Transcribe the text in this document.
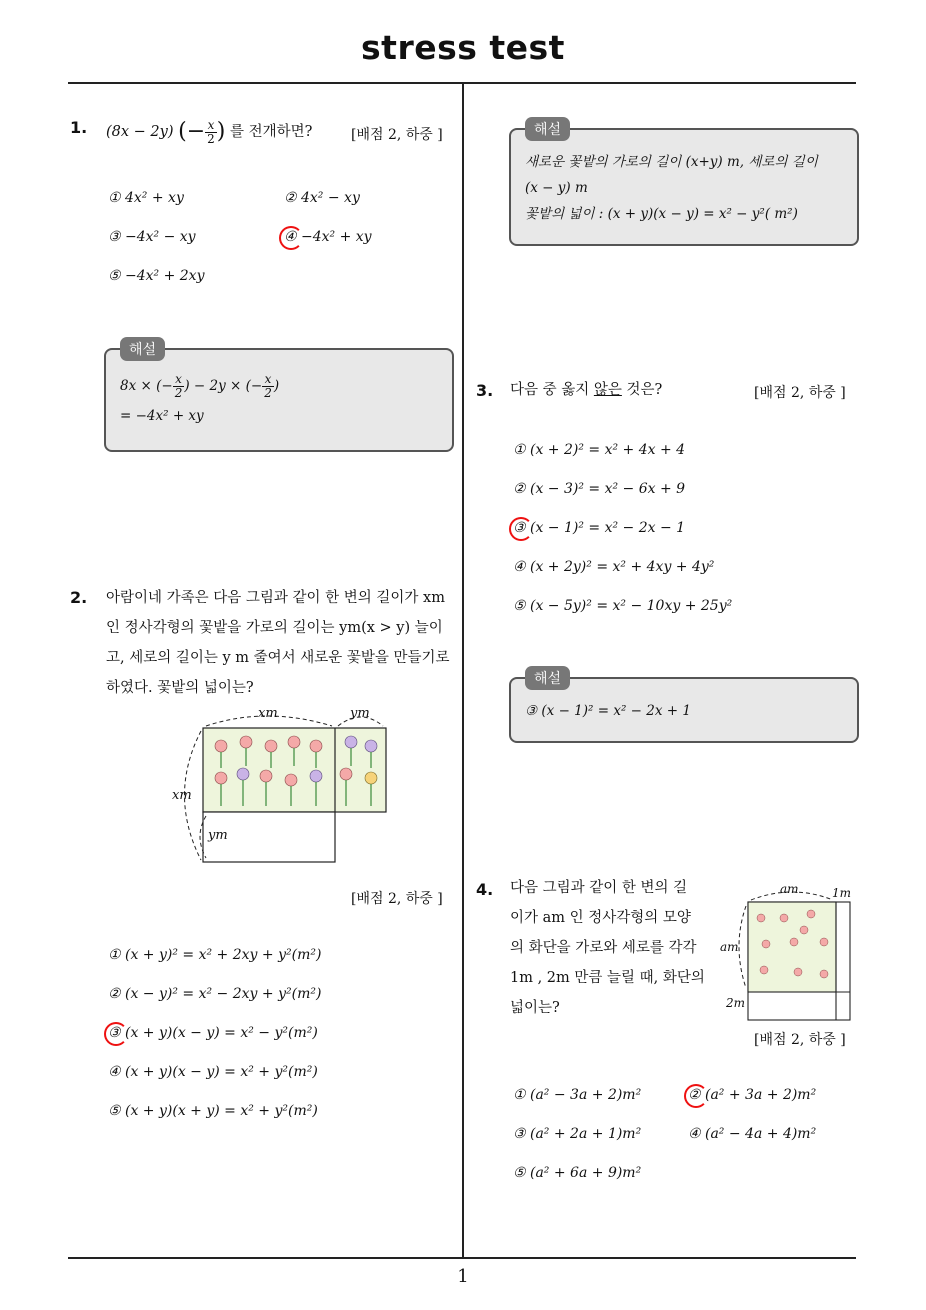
stress test
1
1. (8x − 2y) (− $\frac{x}{2}$ ) 를 전개하면?	[배점 2, 하중 ]
① 4x² + xy	② 4x² − xy
③ −4x² − xy	④ −4x² + xy
⑤ −4x² + 2xy
해설
8x × (− $\frac{x}{2}$ ) − 2y × (− $\frac{x}{2}$ )
= −4x² + xy
2. 아람이네 가족은 다음 그림과 같이 한 변의 길이가 xm
인 정사각형의 꽃밭을 가로의 길이는 ym(x > y) 늘이
고, 세로의 길이는 y m 줄여서 새로운 꽃밭을 만들기로
하였다. 꽃밭의 넓이는?
xm	ym
xm
ym
[배점 2, 하중 ]
① (x + y)² = x² + 2xy + y²(m²)
② (x − y)² = x² − 2xy + y²(m²)
③ (x + y)(x − y) = x² − y²(m²)
④ (x + y)(x − y) = x² + y²(m²)
⑤ (x + y)(x + y) = x² + y²(m²)
해설
새로운 꽃밭의 가로의 길이 (x+y) m, 세로의 길이
(x − y) m
꽃밭의 넓이 : (x + y)(x − y) = x² − y²( m²)
3. 다음 중 옳지 않은 것은?	[배점 2, 하중 ]
① (x + 2)² = x² + 4x + 4
② (x − 3)² = x² − 6x + 9
③ (x − 1)² = x² − 2x − 1
④ (x + 2y)² = x² + 4xy + 4y²
⑤ (x − 5y)² = x² − 10xy + 25y²
해설
③ (x − 1)² = x² − 2x + 1
4. 다음 그림과 같이 한 변의 길
이가 am 인 정사각형의 모양
의 화단을 가로와 세로를 각각
1m , 2m 만큼 늘릴 때, 화단의
넓이는?
am	1m
am
2m
[배점 2, 하중 ]
① (a² − 3a + 2)m²	② (a² + 3a + 2)m²
③ (a² + 2a + 1)m²	④ (a² − 4a + 4)m²
⑤ (a² + 6a + 9)m²
